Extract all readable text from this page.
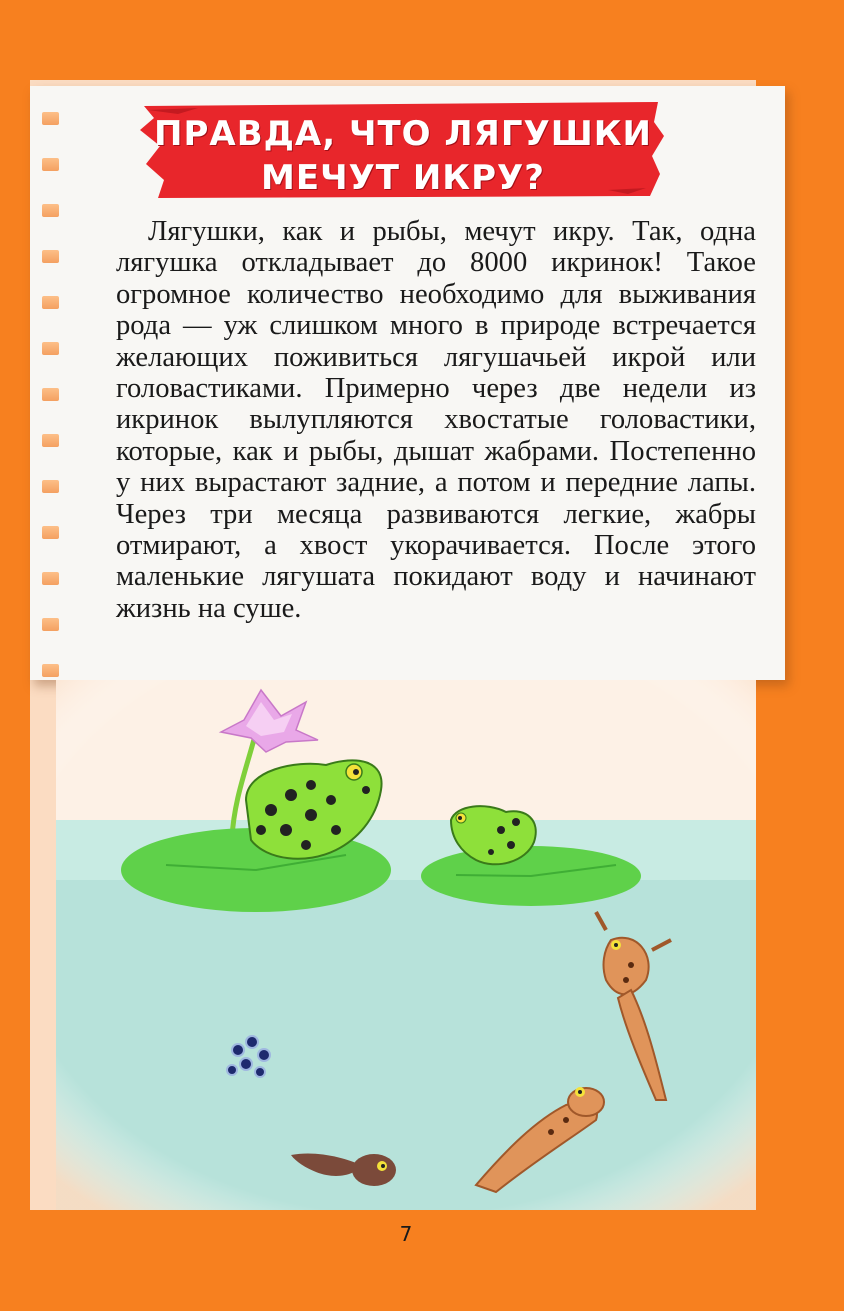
ПРАВДА, ЧТО ЛЯГУШКИ МЕЧУТ ИКРУ?
Лягушки, как и рыбы, мечут икру. Так, одна лягушка откладывает до 8000 икринок! Такое огромное количество необходимо для выживания рода — уж слишком много в природе встречается желающих поживиться лягушачьей икрой или головастиками. Примерно через две недели из икринок вылупляются хвостатые головастики, которые, как и рыбы, дышат жабрами. Постепенно у них вырастают задние, а потом и передние лапы. Через три месяца развиваются легкие, жабры отмирают, а хвост укорачивается. После этого маленькие лягушата покидают воду и начинают жизнь на суше.
7
